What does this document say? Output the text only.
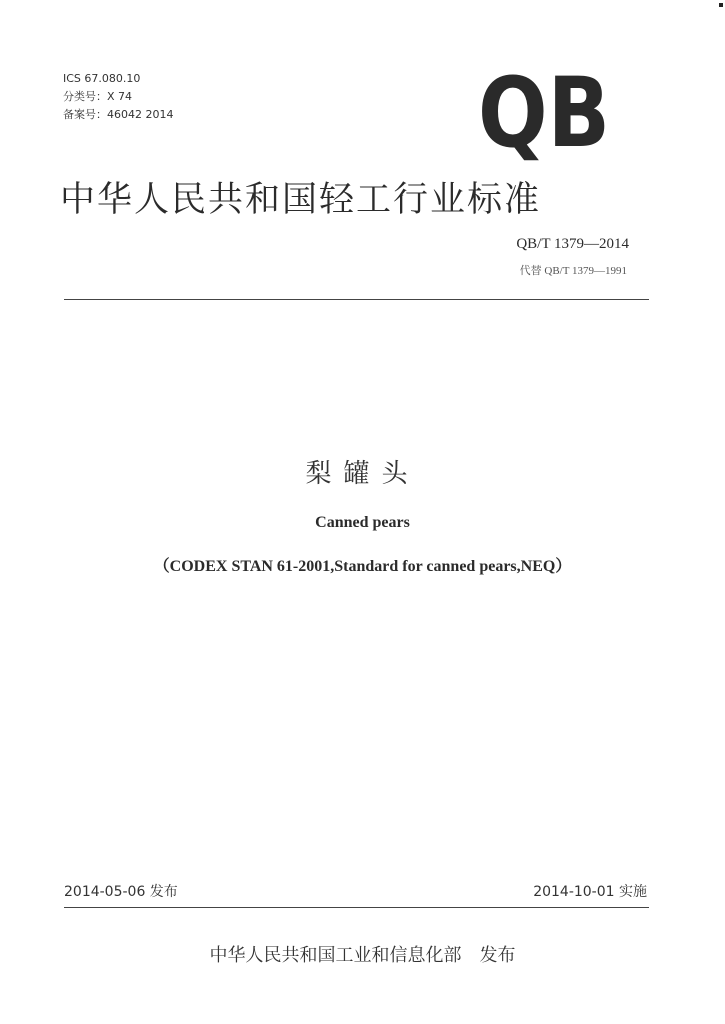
ICS 67.080.10
分类号：X 74
备案号：46042 2014	QB
中华人民共和国轻工行业标准
QB/T 1379—2014
代替 QB/T 1379—1991
梨罐头
Canned pears
（CODEX STAN 61-2001,Standard for canned pears,NEQ）
2014-05-06 发布	2014-10-01 实施
中华人民共和国工业和信息化部　发布
